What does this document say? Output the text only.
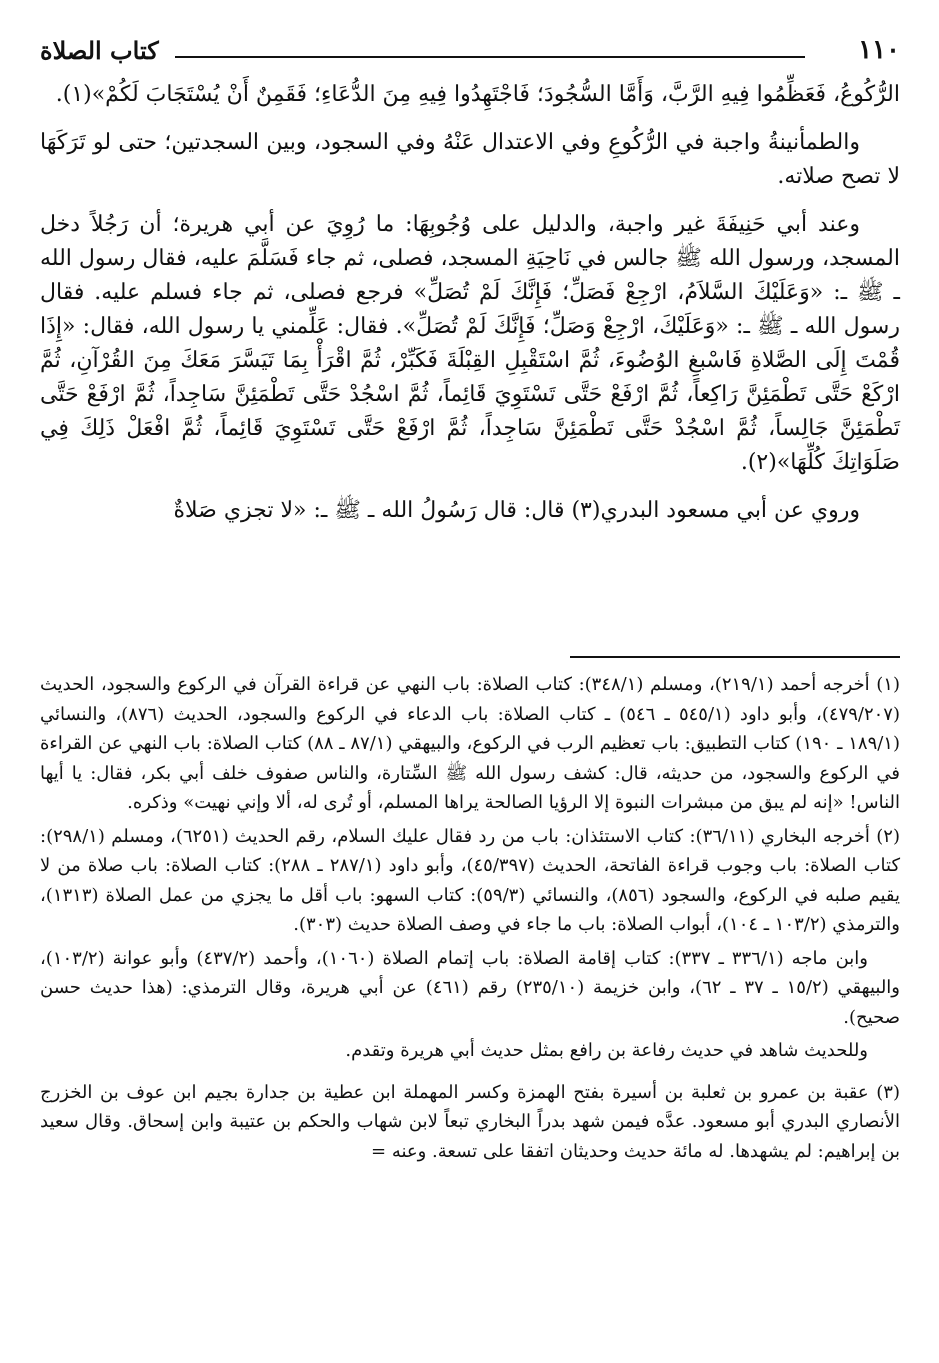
١١٠
كتاب الصلاة

الرُّكُوعُ، فَعَظِّمُوا فِيهِ الرَّبَّ، وَأَمَّا السُّجُودَ؛ فَاجْتَهِدُوا فِيهِ مِنَ الدُّعَاءِ؛ فَقَمِنٌ أَنْ يُسْتَجَابَ لَكُمْ»(١).

والطمأنينةُ واجبة في الرُّكُوعِ وفي الاعتدال عَنْهُ وفي السجود، وبين السجدتين؛ حتى لو تَرَكَهَا لا تصح صلاته.

وعند أبي حَنِيفَةَ غير واجبة، والدليل على وُجُوبِهَا: ما رُوِيَ عن أبي هريرة؛ أن رَجُلاً دخل المسجد، ورسول الله ﷺ جالس في نَاحِيَةِ المسجد، فصلى، ثم جاء فَسَلَّمَ عليه، فقال رسول الله ـ ﷺ ـ: «وَعَلَيْكَ السَّلاَمُ، ارْجِعْ فَصَلِّ؛ فَإِنَّكَ لَمْ تُصَلِّ» فرجع فصلى، ثم جاء فسلم عليه. فقال رسول الله ـ ﷺ ـ: «وَعَلَيْكَ، ارْجِعْ وَصَلِّ؛ فَإِنَّكَ لَمْ تُصَلِّ». فقال: عَلِّمني يا رسول الله، فقال: «إِذَا قُمْتَ إِلَى الصَّلاةِ فَاسْبغِ الوُضُوءَ، ثُمَّ اسْتَقْبِلِ القِبْلَةَ فَكَبِّرْ، ثُمَّ اقْرَأْ بِمَا تَيَسَّرَ مَعَكَ مِنَ القُرْآنِ، ثُمَّ ارْكَعْ حَتَّى تَطْمَئِنَّ رَاكِعاً، ثُمَّ ارْفَعْ حَتَّى تَسْتَوِيَ قَائِماً، ثُمَّ اسْجُدْ حَتَّى تَطْمَئِنَّ سَاجِداً، ثُمَّ ارْفَعْ حَتَّى تَطْمَئِنَّ جَالِساً، ثُمَّ اسْجُدْ حَتَّى تَطْمَئِنَّ سَاجِداً، ثُمَّ ارْفَعْ حَتَّى تَسْتَوِيَ قَائِماً، ثُمَّ افْعَلْ ذَلِكَ فِي صَلَوَاتِكَ كُلِّهَا»(٢).

وروي عن أبي مسعود البدري(٣) قال: قال رَسُولُ الله ـ ﷺ ـ: «لا تجزي صَلاةٌ

(١) أخرجه أحمد (٢١٩/١)، ومسلم (٣٤٨/١): كتاب الصلاة: باب النهي عن قراءة القرآن في الركوع والسجود، الحديث (٤٧٩/٢٠٧)، وأبو داود (٥٤٥/١ ـ ٥٤٦) ـ كتاب الصلاة: باب الدعاء في الركوع والسجود، الحديث (٨٧٦)، والنسائي (١٨٩/١ ـ ١٩٠) كتاب التطبيق: باب تعظيم الرب في الركوع، والبيهقي (٨٧/١ ـ ٨٨) كتاب الصلاة: باب النهي عن القراءة في الركوع والسجود، من حديثه، قال: كشف رسول الله ﷺ السِّتارة، والناس صفوف خلف أبي بكر، فقال: يا أيها الناس! «إنه لم يبق من مبشرات النبوة إلا الرؤيا الصالحة يراها المسلم، أو تُرى له، ألا وإني نهيت» وذكره.

(٢) أخرجه البخاري (٣٦/١١): كتاب الاستئذان: باب من رد فقال عليك السلام، رقم الحديث (٦٢٥١)، ومسلم (٢٩٨/١): كتاب الصلاة: باب وجوب قراءة الفاتحة، الحديث (٤٥/٣٩٧)، وأبو داود (٢٨٧/١ ـ ٢٨٨): كتاب الصلاة: باب صلاة من لا يقيم صلبه في الركوع، والسجود (٨٥٦)، والنسائي (٥٩/٣): كتاب السهو: باب أقل ما يجزي من عمل الصلاة (١٣١٣)، والترمذي (١٠٣/٢ ـ ١٠٤)، أبواب الصلاة: باب ما جاء في وصف الصلاة حديث (٣٠٣).

وابن ماجه (٣٣٦/١ ـ ٣٣٧): كتاب إقامة الصلاة: باب إتمام الصلاة (١٠٦٠)، وأحمد (٤٣٧/٢) وأبو عوانة (١٠٣/٢)، والبيهقي (١٥/٢ ـ ٣٧ ـ ٦٢)، وابن خزيمة (٢٣٥/١٠) رقم (٤٦١) عن أبي هريرة، وقال الترمذي: (هذا حديث حسن صحيح).

وللحديث شاهد في حديث رفاعة بن رافع بمثل حديث أبي هريرة وتقدم.

(٣) عقبة بن عمرو بن ثعلبة بن أسيرة بفتح الهمزة وكسر المهملة ابن عطية بن جدارة بجيم ابن عوف بن الخزرج الأنصاري البدري أبو مسعود. عدَّه فيمن شهد بدراً البخاري تبعاً لابن شهاب والحكم بن عتيبة وابن إسحاق. وقال سعيد بن إبراهيم: لم يشهدها. له مائة حديث وحديثان اتفقا على تسعة. وعنه =
